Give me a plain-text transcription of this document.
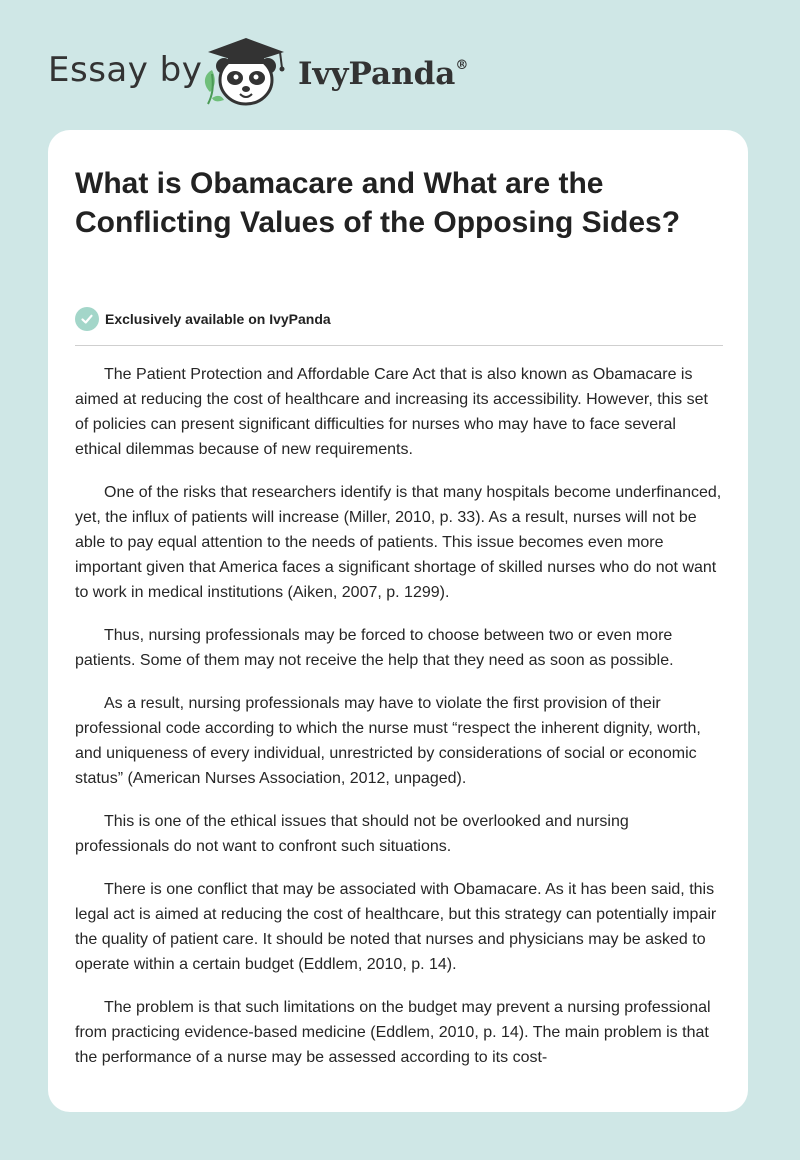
Essay by	IvyPanda®
What is Obamacare and What are the Conflicting Values of the Opposing Sides?
Exclusively available on IvyPanda

The Patient Protection and Affordable Care Act that is also known as Obamacare is aimed at reducing the cost of healthcare and increasing its accessibility. However, this set of policies can present significant difficulties for nurses who may have to face several ethical dilemmas because of new requirements.

One of the risks that researchers identify is that many hospitals become underfinanced, yet, the influx of patients will increase (Miller, 2010, p. 33). As a result, nurses will not be able to pay equal attention to the needs of patients. This issue becomes even more important given that America faces a significant shortage of skilled nurses who do not want to work in medical institutions (Aiken, 2007, p. 1299).

Thus, nursing professionals may be forced to choose between two or even more patients. Some of them may not receive the help that they need as soon as possible.

As a result, nursing professionals may have to violate the first provision of their professional code according to which the nurse must “respect the inherent dignity, worth, and uniqueness of every individual, unrestricted by considerations of social or economic status” (American Nurses Association, 2012, unpaged).

This is one of the ethical issues that should not be overlooked and nursing professionals do not want to confront such situations.

There is one conflict that may be associated with Obamacare. As it has been said, this legal act is aimed at reducing the cost of healthcare, but this strategy can potentially impair the quality of patient care. It should be noted that nurses and physicians may be asked to operate within a certain budget (Eddlem, 2010, p. 14).

The problem is that such limitations on the budget may prevent a nursing professional from practicing evidence-based medicine (Eddlem, 2010, p. 14). The main problem is that the performance of a nurse may be assessed according to its cost-
